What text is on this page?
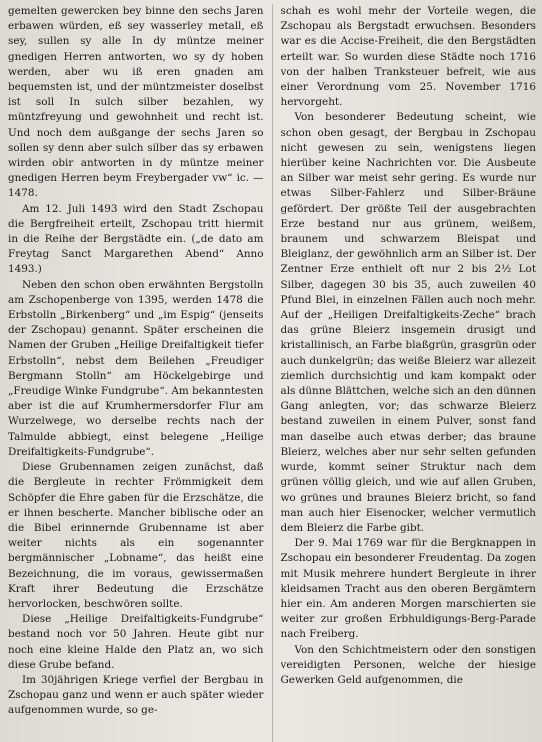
gemelten gewercken bey binne den sechs Jaren erbawen würden, eß sey wasserley metall, eß sey, sullen sy alle In dy müntze meiner gnedigen Herren antworten, wo sy dy hoben werden, aber wu iß eren gnaden am bequemsten ist, und der müntzmeister doselbst ist soll In sulch silber bezahlen, wy müntzfreyung und gewohnheit und recht ist. Und noch dem außgange der sechs Jaren so sollen sy denn aber sulch silber das sy erbawen wirden obir antworten in dy müntze meiner gnedigen Herren beym Freybergader vw“ ic. — 1478.

Am 12. Juli 1493 wird den Stadt Zschopau die Bergfreiheit erteilt, Zschopau tritt hiermit in die Reihe der Bergstädte ein. („de dato am Freytag Sanct Margarethen Abend“ Anno 1493.)

Neben den schon oben erwähnten Bergstolln am Zschopenberge von 1395, werden 1478 die Erbstolln „Birkenberg“ und „im Espig“ (jenseits der Zschopau) genannt. Später erscheinen die Namen der Gruben „Heilige Dreifaltigkeit tiefer Erbstolln“, nebst dem Beilehen „Freudiger Bergmann Stolln“ am Höckelgebirge und „Freudige Winke Fundgrube“. Am bekanntesten aber ist die auf Krumhermersdorfer Flur am Wurzelwege, wo derselbe rechts nach der Talmulde abbiegt, einst belegene „Heilige Dreifaltigkeits-Fundgrube“.

Diese Grubennamen zeigen zunächst, daß die Bergleute in rechter Frömmigkeit dem Schöpfer die Ehre gaben für die Erzschätze, die er ihnen bescherte. Mancher biblische oder an die Bibel erinnernde Grubenname ist aber weiter nichts als ein sogenannter bergmännischer „Lobname“, das heißt eine Bezeichnung, die im voraus, gewissermaßen Kraft ihrer Bedeutung die Erzschätze hervorlocken, beschwören sollte.

Diese „Heilige Dreifaltigkeits-Fundgrube“ bestand noch vor 50 Jahren. Heute gibt nur noch eine kleine Halde den Platz an, wo sich diese Grube befand.

Im 30jährigen Kriege verfiel der Bergbau in Zschopau ganz und wenn er auch später wieder aufgenommen wurde, so ge-

schah es wohl mehr der Vorteile wegen, die Zschopau als Bergstadt erwuchsen. Besonders war es die Accise-Freiheit, die den Bergstädten erteilt war. So wurden diese Städte noch 1716 von der halben Tranksteuer befreit, wie aus einer Verordnung vom 25. November 1716 hervorgeht.

Von besonderer Bedeutung scheint, wie schon oben gesagt, der Bergbau in Zschopau nicht gewesen zu sein, wenigstens liegen hierüber keine Nachrichten vor. Die Ausbeute an Silber war meist sehr gering. Es wurde nur etwas Silber-Fahlerz und Silber-Bräune gefördert. Der größte Teil der ausgebrachten Erze bestand nur aus grünem, weißem, braunem und schwarzem Bleispat und Bleiglanz, der gewöhnlich arm an Silber ist. Der Zentner Erze enthielt oft nur 2 bis 2½ Lot Silber, dagegen 30 bis 35, auch zuweilen 40 Pfund Blei, in einzelnen Fällen auch noch mehr. Auf der „Heiligen Dreifaltigkeits-Zeche“ brach das grüne Bleierz insgemein drusigt und kristallinisch, an Farbe blaßgrün, grasgrün oder auch dunkelgrün; das weiße Bleierz war allezeit ziemlich durchsichtig und kam kompakt oder als dünne Blättchen, welche sich an den dünnen Gang anlegten, vor; das schwarze Bleierz bestand zuweilen in einem Pulver, sonst fand man daselbe auch etwas derber; das braune Bleierz, welches aber nur sehr selten gefunden wurde, kommt seiner Struktur nach dem grünen völlig gleich, und wie auf allen Gruben, wo grünes und braunes Bleierz bricht, so fand man auch hier Eisenocker, welcher vermutlich dem Bleierz die Farbe gibt.

Der 9. Mai 1769 war für die Bergknappen in Zschopau ein besonderer Freudentag. Da zogen mit Musik mehrere hundert Bergleute in ihrer kleidsamen Tracht aus den oberen Bergämtern hier ein. Am anderen Morgen marschierten sie weiter zur großen Erbhuldigungs-Berg-Parade nach Freiberg.

Von den Schichtmeistern oder den sonstigen vereidigten Personen, welche der hiesige Gewerken Geld aufgenommen, die
